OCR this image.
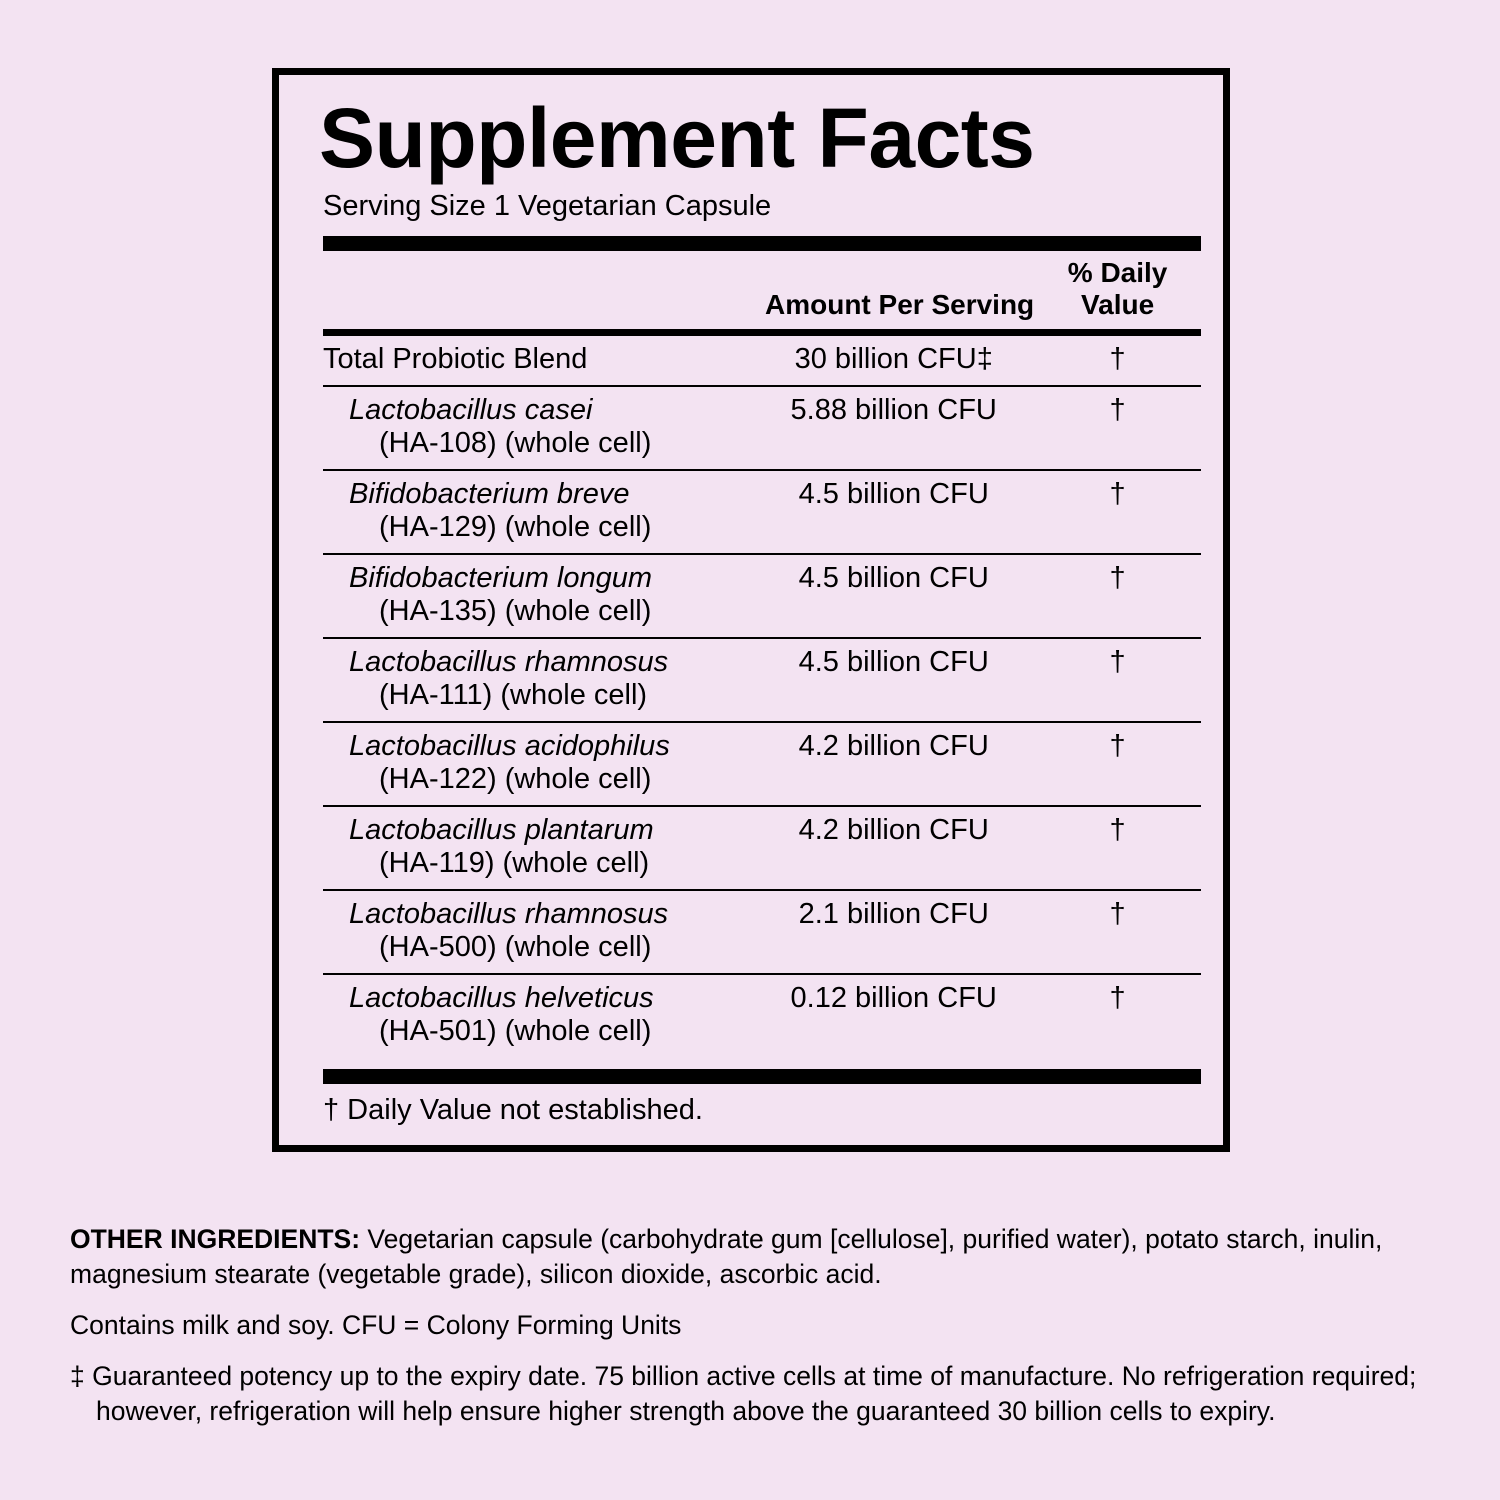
Supplement Facts
Serving Size 1 Vegetarian Capsule
	Amount Per Serving	% Daily Value
Total Probiotic Blend	30 billion CFU‡	†
Lactobacillus casei
(HA-108) (whole cell)	5.88 billion CFU	†
Bifidobacterium breve
(HA-129) (whole cell)	4.5 billion CFU	†
Bifidobacterium longum
(HA-135) (whole cell)	4.5 billion CFU	†
Lactobacillus rhamnosus
(HA-111) (whole cell)	4.5 billion CFU	†
Lactobacillus acidophilus
(HA-122) (whole cell)	4.2 billion CFU	†
Lactobacillus plantarum
(HA-119) (whole cell)	4.2 billion CFU	†
Lactobacillus rhamnosus
(HA-500) (whole cell)	2.1 billion CFU	†
Lactobacillus helveticus
(HA-501) (whole cell)	0.12 billion CFU	†
† Daily Value not established.

OTHER INGREDIENTS: Vegetarian capsule (carbohydrate gum [cellulose], purified water), potato starch, inulin, magnesium stearate (vegetable grade), silicon dioxide, ascorbic acid.

Contains milk and soy. CFU = Colony Forming Units

‡ Guaranteed potency up to the expiry date. 75 billion active cells at time of manufacture. No refrigeration required; however, refrigeration will help ensure higher strength above the guaranteed 30 billion cells to expiry.
